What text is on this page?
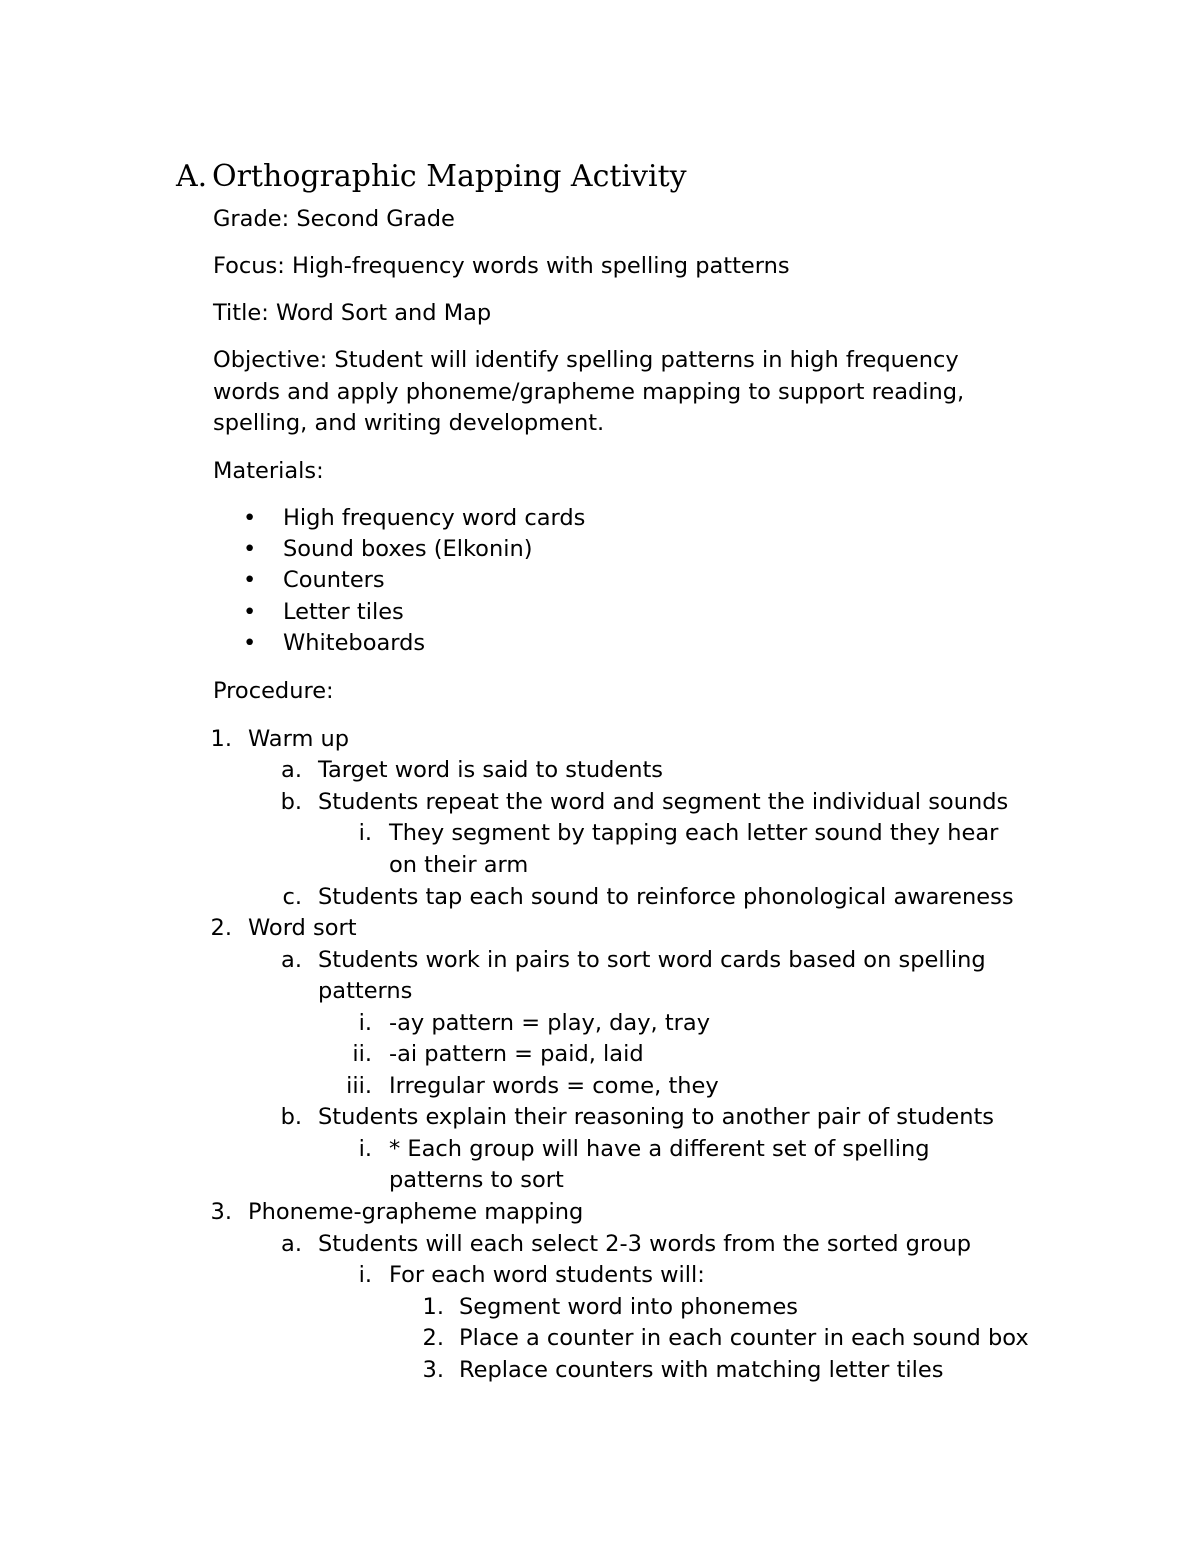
A. Orthographic Mapping Activity
Grade: Second Grade
Focus: High-frequency words with spelling patterns
Title: Word Sort and Map
Objective: Student will identify spelling patterns in high frequency
words and apply phoneme/grapheme mapping to support reading,
spelling, and writing development.
Materials:
•	High frequency word cards
•	Sound boxes (Elkonin)
•	Counters
•	Letter tiles
•	Whiteboards
Procedure:
1. Warm up
a. Target word is said to students
b. Students repeat the word and segment the individual sounds
i. They segment by tapping each letter sound they hear
on their arm
c. Students tap each sound to reinforce phonological awareness
2. Word sort
a. Students work in pairs to sort word cards based on spelling
patterns
i. -ay pattern = play, day, tray
ii. -ai pattern = paid, laid
iii. Irregular words = come, they
b. Students explain their reasoning to another pair of students
i. * Each group will have a different set of spelling
patterns to sort
3. Phoneme-grapheme mapping
a. Students will each select 2-3 words from the sorted group
i. For each word students will:
1. Segment word into phonemes
2. Place a counter in each counter in each sound box
3. Replace counters with matching letter tiles
